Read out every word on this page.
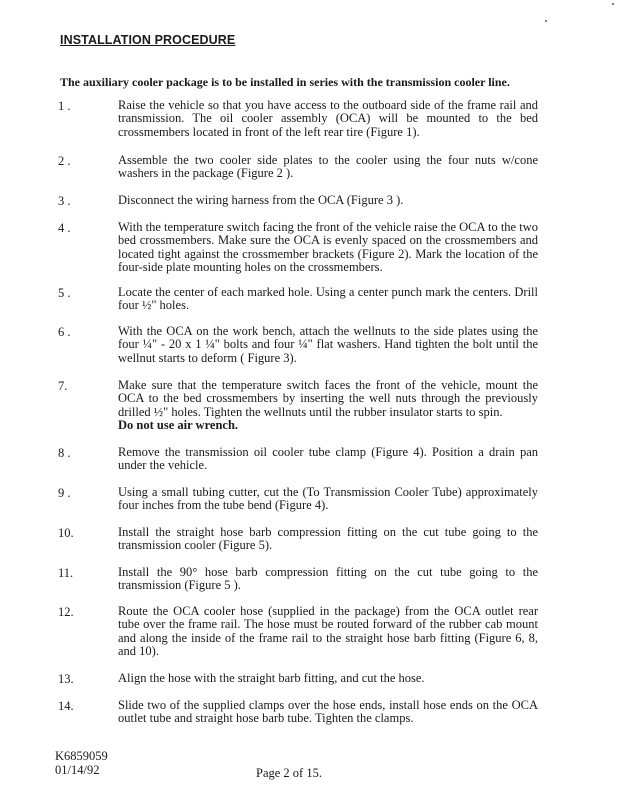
INSTALLATION PROCEDURE
The auxiliary cooler package is to be installed in series with the transmission cooler line.
1 .	Raise the vehicle so that you have access to the outboard side of the frame rail and transmission. The oil cooler assembly (OCA) will be mounted to the bed crossmembers located in front of the left rear tire (Figure 1).
2 .	Assemble the two cooler side plates to the cooler using the four nuts w/cone washers in the package (Figure 2 ).
3 .	Disconnect the wiring harness from the OCA (Figure 3 ).
4 .	With the temperature switch facing the front of the vehicle raise the OCA to the two bed crossmembers. Make sure the OCA is evenly spaced on the crossmembers and located tight against the crossmember brackets (Figure 2). Mark the location of the four-side plate mounting holes on the crossmembers.
5 .	Locate the center of each marked hole. Using a center punch mark the centers. Drill four ½" holes.
6 .	With the OCA on the work bench, attach the wellnuts to the side plates using the four ¼" - 20 x 1 ¼" bolts and four ¼" flat washers. Hand tighten the bolt until the wellnut starts to deform ( Figure 3).
7.	Make sure that the temperature switch faces the front of the vehicle, mount the OCA to the bed crossmembers by inserting the well nuts through the previously drilled ½" holes. Tighten the wellnuts until the rubber insulator starts to spin.
Do not use air wrench.
8 .	Remove the transmission oil cooler tube clamp (Figure 4). Position a drain pan under the vehicle.
9 .	Using a small tubing cutter, cut the (To Transmission Cooler Tube) approximately four inches from the tube bend (Figure 4).
10.	Install the straight hose barb compression fitting on the cut tube going to the transmission cooler (Figure 5).
11.	Install the 90° hose barb compression fitting on the cut tube going to the transmission (Figure 5 ).
12.	Route the OCA cooler hose (supplied in the package) from the OCA outlet rear tube over the frame rail. The hose must be routed forward of the rubber cab mount and along the inside of the frame rail to the straight hose barb fitting (Figure 6, 8, and 10).
13.	Align the hose with the straight barb fitting, and cut the hose.
14.	Slide two of the supplied clamps over the hose ends, install hose ends on the OCA outlet tube and straight hose barb tube. Tighten the clamps.
K6859059
01/14/92	Page 2 of 15.
